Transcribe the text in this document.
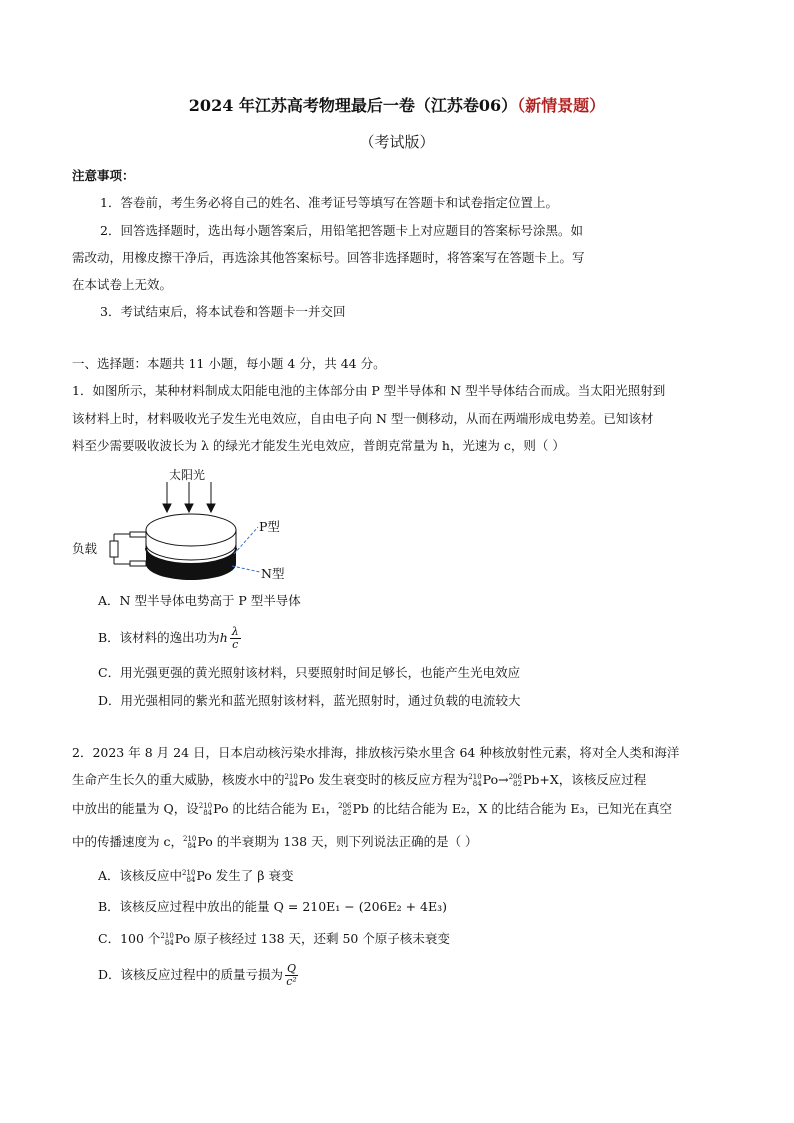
2024 年江苏高考物理最后一卷（江苏卷06）（新情景题）
（考试版）
注意事项：
1．答卷前，考生务必将自己的姓名、准考证号等填写在答题卡和试卷指定位置上。
2．回答选择题时，选出每小题答案后，用铅笔把答题卡上对应题目的答案标号涂黑。如
需改动，用橡皮擦干净后，再选涂其他答案标号。回答非选择题时，将答案写在答题卡上。写
在本试卷上无效。
3．考试结束后，将本试卷和答题卡一并交回
一、选择题：本题共 11 小题，每小题 4 分，共 44 分。
1．如图所示，某种材料制成太阳能电池的主体部分由 P 型半导体和 N 型半导体结合而成。当太阳光照射到
该材料上时，材料吸收光子发生光电效应，自由电子向 N 型一侧移动，从而在两端形成电势差。已知该材
料至少需要吸收波长为 λ 的绿光才能发生光电效应，普朗克常量为 h，光速为 c，则（ ）
太阳光
P型
N型
负载
A．N 型半导体电势高于 P 型半导体
B．该材料的逸出功为h $\frac{\lambda}{c}$
C．用光强更强的黄光照射该材料，只要照射时间足够长，也能产生光电效应
D．用光强相同的紫光和蓝光照射该材料，蓝光照射时，通过负载的电流较大
2．2023 年 8 月 24 日，日本启动核污染水排海，排放核污染水里含 64 种核放射性元素，将对全人类和海洋
生命产生长久的重大威胁，核废水中的210
84Po 发生衰变时的核反应方程为210
84Po→206
82Pb+X，该核反应过程
中放出的能量为 Q，设210
84Po 的比结合能为 E₁，206
82Pb 的比结合能为 E₂，X 的比结合能为 E₃，已知光在真空
中的传播速度为 c，210
84Po 的半衰期为 138 天，则下列说法正确的是（ ）
A．该核反应中210
84Po 发生了 β 衰变
B．该核反应过程中放出的能量 Q = 210E₁ − (206E₂ + 4E₃)
C．100 个210
84Po 原子核经过 138 天，还剩 50 个原子核未衰变
D．该核反应过程中的质量亏损为 $\frac{Q}{\text{c²}}$
